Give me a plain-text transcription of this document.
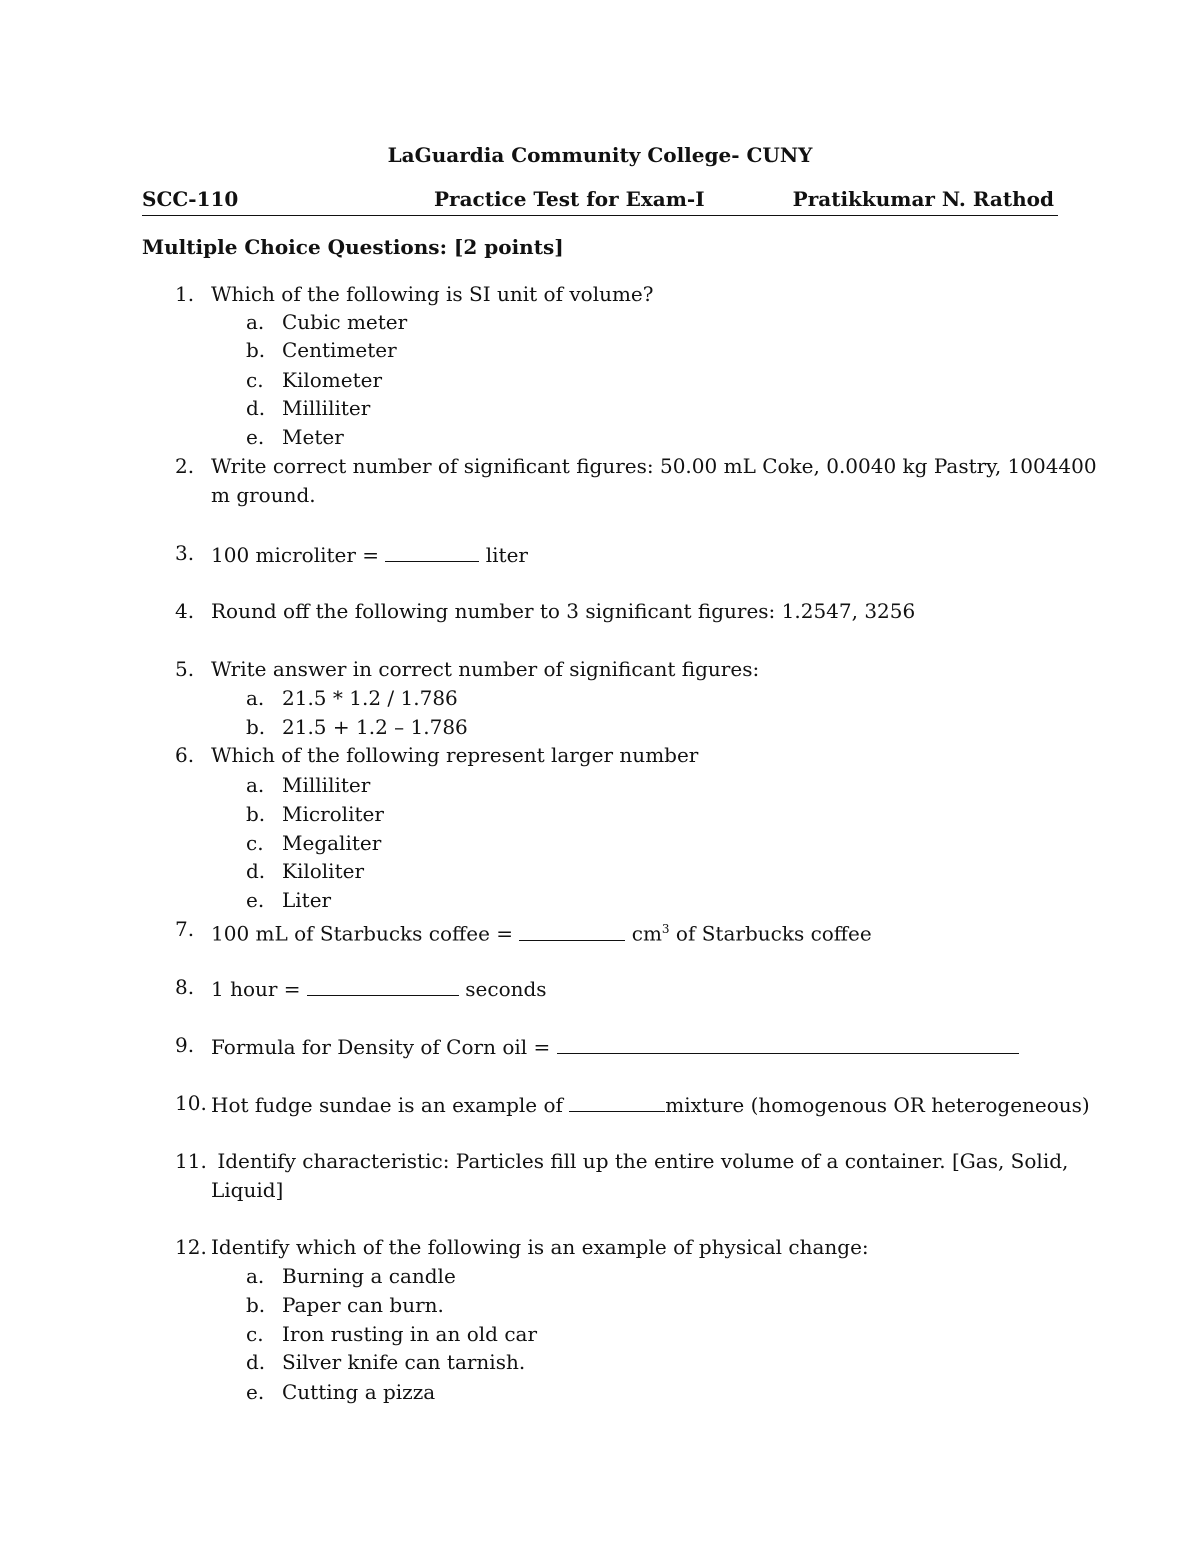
LaGuardia Community College- CUNY
SCC-110	Practice Test for Exam-I	Pratikkumar N. Rathod
Multiple Choice Questions: [2 points]
1. Which of the following is SI unit of volume?
a. Cubic meter
b. Centimeter
c. Kilometer
d. Milliliter
e. Meter
2. Write correct number of significant figures: 50.00 mL Coke, 0.0040 kg Pastry, 1004400
m ground.
3. 100 microliter =	liter
4. Round off the following number to 3 significant figures: 1.2547, 3256
5. Write answer in correct number of significant figures:
a. 21.5 * 1.2 / 1.786
b. 21.5 + 1.2 – 1.786
6. Which of the following represent larger number
a. Milliliter
b. Microliter
c. Megaliter
d. Kiloliter
e. Liter
7. 100 mL of Starbucks coffee =	$cm^3$ of Starbucks coffee
8. 1 hour =	seconds
9. Formula for Density of Corn oil =
10. Hot fudge sundae is an example of	mixture (homogenous OR heterogeneous)
11. Identify characteristic: Particles fill up the entire volume of a container. [Gas, Solid,
Liquid]
12. Identify which of the following is an example of physical change:
a. Burning a candle
b. Paper can burn.
c. Iron rusting in an old car
d. Silver knife can tarnish.
e. Cutting a pizza
